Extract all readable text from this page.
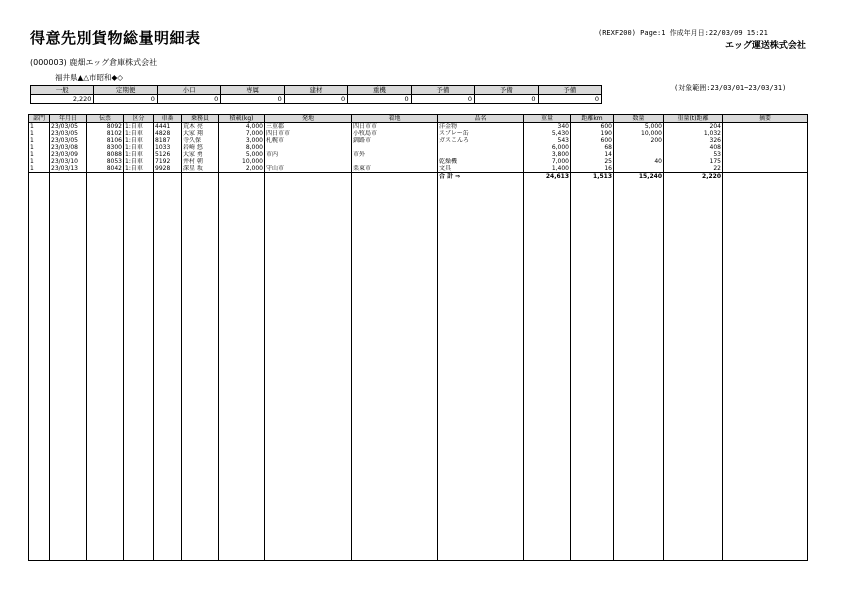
得意先別貨物総量明細表	(REXF200) Page:1 作成年月日:22/03/09 15:21
エッグ運送株式会社
(000003) 鹿畑エッグ倉庫株式会社
福井県▲△市昭和◆◇
(対象範囲:23/03/01~23/03/31)
一般	定期便	小口	専属	建材	重機	予備	予備	予備
2,220	0	0	0	0	0	0	0	0
部門	年月日	伝票	区分	車番	乗務員	積載(kg)	発地	着地	品名	重量	距離km	数量	重量(t)距離	摘要
1	23/03/05	8092	1:自車	4441	荒木 亮	4,000	三重郡	四日市市	洋金物	340	600	5,000	204	
1	23/03/05	8102	1:自車	4828	大家 翔	7,000	四日市市	小牧島市	スプレー缶	5,430	190	10,000	1,032	
1	23/03/05	8106	1:自車	8187	寺久保	3,000	札幌市	釧路市	ガスこんろ	543	600	200	326	
1	23/03/08	8300	1:自車	1033	岩崎 悠	8,000				6,000	68		408	
1	23/03/09	8088	1:自車	5126	大家 勇	5,000	市内	市外		3,800	14		53	
1	23/03/10	8053	1:自車	7192	井村 朝	10,000			乾燥機	7,000	25	40	175	
1	23/03/13	8042	1:自車	9928	深星 坂	2,000	守山市	栗東市	文具	1,400	16		22	
									合 計 ⇒	24,613	1,513	15,240	2,220	
